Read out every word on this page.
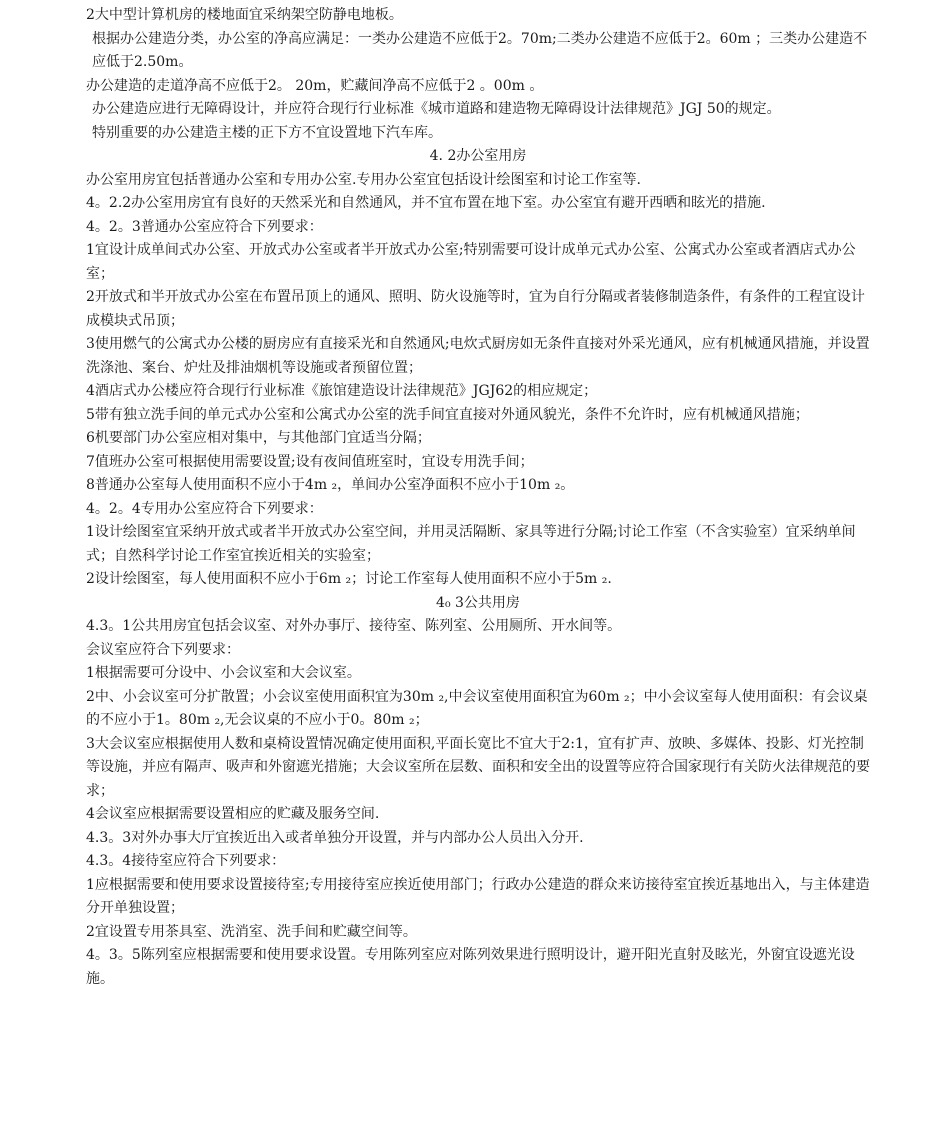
2大中型计算机房的楼地面宜采纳架空防静电地板。

根据办公建造分类，办公室的净高应满足：一类办公建造不应低于2。70m;二类办公建造不应低于2。60m ；三类办公建造不应低于2.50m。

办公建造的走道净高不应低于2。 20m，贮藏间净高不应低于2 。00m 。

办公建造应进行无障碍设计，并应符合现行行业标准《城市道路和建造物无障碍设计法律规范》JGJ 50的规定。

特别重要的办公建造主楼的正下方不宜设置地下汽车库。

4. 2办公室用房

办公室用房宜包括普通办公室和专用办公室.专用办公室宜包括设计绘图室和讨论工作室等.

4。2.2办公室用房宜有良好的天然采光和自然通风，并不宜布置在地下室。办公室宜有避开西晒和眩光的措施.

4。2。3普通办公室应符合下列要求：

1宜设计成单间式办公室、开放式办公室或者半开放式办公室;特别需要可设计成单元式办公室、公寓式办公室或者酒店式办公室；

2开放式和半开放式办公室在布置吊顶上的通风、照明、防火设施等时，宜为自行分隔或者装修制造条件，有条件的工程宜设计成模块式吊顶；

3使用燃气的公寓式办公楼的厨房应有直接采光和自然通风;电炊式厨房如无条件直接对外采光通风，应有机械通风措施，并设置洗涤池、案台、炉灶及排油烟机等设施或者预留位置；

4酒店式办公楼应符合现行行业标准《旅馆建造设计法律规范》JGJ62的相应规定；

5带有独立洗手间的单元式办公室和公寓式办公室的洗手间宜直接对外通风貌光，条件不允许时，应有机械通风措施；

6机要部门办公室应相对集中，与其他部门宜适当分隔；

7值班办公室可根据使用需要设置;设有夜间值班室时，宜设专用洗手间；

8普通办公室每人使用面积不应小于4m ₂，单间办公室净面积不应小于10m ₂。

4。2。4专用办公室应符合下列要求：

1设计绘图室宜采纳开放式或者半开放式办公室空间，并用灵活隔断、家具等进行分隔;讨论工作室（不含实验室）宜采纳单间式；自然科学讨论工作室宜挨近相关的实验室；

2设计绘图室，每人使用面积不应小于6m ₂；讨论工作室每人使用面积不应小于5m ₂.

4₀ 3公共用房

4.3。1公共用房宜包括会议室、对外办事厅、接待室、陈列室、公用厕所、开水间等。

会议室应符合下列要求：

1根据需要可分设中、小会议室和大会议室。

2中、小会议室可分扩散置；小会议室使用面积宜为30m ₂,中会议室使用面积宜为60m ₂；中小会议室每人使用面积：有会议桌的不应小于1。80m ₂,无会议桌的不应小于0。80m ₂；

3大会议室应根据使用人数和桌椅设置情况确定使用面积,平面长宽比不宜大于2:1，宜有扩声、放映、多媒体、投影、灯光控制等设施，并应有隔声、吸声和外窗遮光措施；大会议室所在层数、面积和安全出的设置等应符合国家现行有关防火法律规范的要求；

4会议室应根据需要设置相应的贮藏及服务空间.

4.3。3对外办事大厅宜挨近出入或者单独分开设置，并与内部办公人员出入分开.

4.3。4接待室应符合下列要求：

1应根据需要和使用要求设置接待室;专用接待室应挨近使用部门；行政办公建造的群众来访接待室宜挨近基地出入，与主体建造分开单独设置；

2宜设置专用茶具室、洗消室、洗手间和贮藏空间等。

4。3。5陈列室应根据需要和使用要求设置。专用陈列室应对陈列效果进行照明设计，避开阳光直射及眩光，外窗宜设遮光设施。
